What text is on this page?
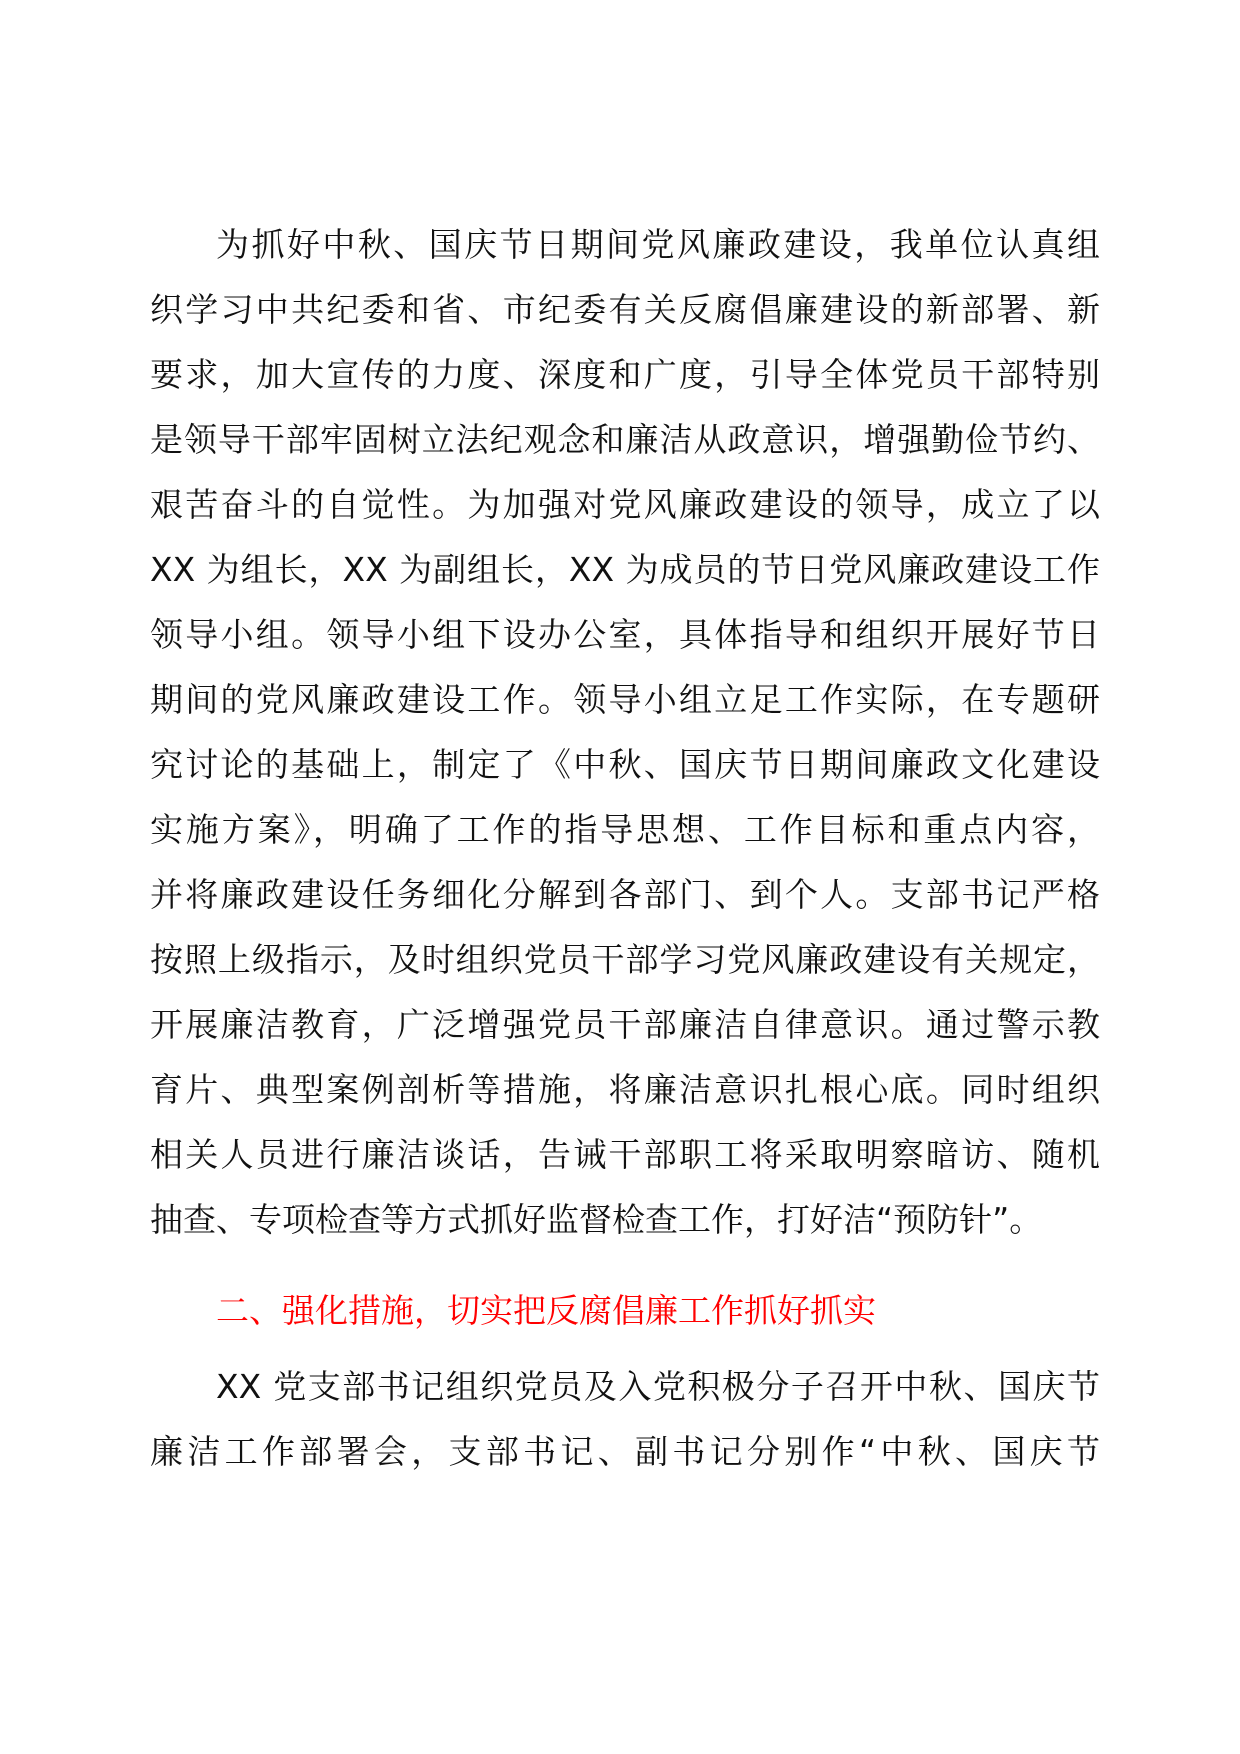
为抓好中秋、国庆节日期间党风廉政建设，我单位认真组
织学习中共纪委和省、市纪委有关反腐倡廉建设的新部署、新
要求，加大宣传的力度、深度和广度，引导全体党员干部特别
是领导干部牢固树立法纪观念和廉洁从政意识，增强勤俭节约、
艰苦奋斗的自觉性。为加强对党风廉政建设的领导，成立了以
XX 为组长，XX 为副组长，XX 为成员的节日党风廉政建设工作
领导小组。领导小组下设办公室，具体指导和组织开展好节日
期间的党风廉政建设工作。领导小组立足工作实际，在专题研
究讨论的基础上，制定了《中秋、国庆节日期间廉政文化建设
实施方案》，明确了工作的指导思想、工作目标和重点内容，
并将廉政建设任务细化分解到各部门、到个人。支部书记严格
按照上级指示，及时组织党员干部学习党风廉政建设有关规定，
开展廉洁教育，广泛增强党员干部廉洁自律意识。通过警示教
育片、典型案例剖析等措施，将廉洁意识扎根心底。同时组织
相关人员进行廉洁谈话，告诫干部职工将采取明察暗访、随机
抽查、专项检查等方式抓好监督检查工作，打好洁“预防针”。
二、强化措施，切实把反腐倡廉工作抓好抓实
XX 党支部书记组织党员及入党积极分子召开中秋、国庆节
廉洁工作部署会，支部书记、副书记分别作“中秋、国庆节
